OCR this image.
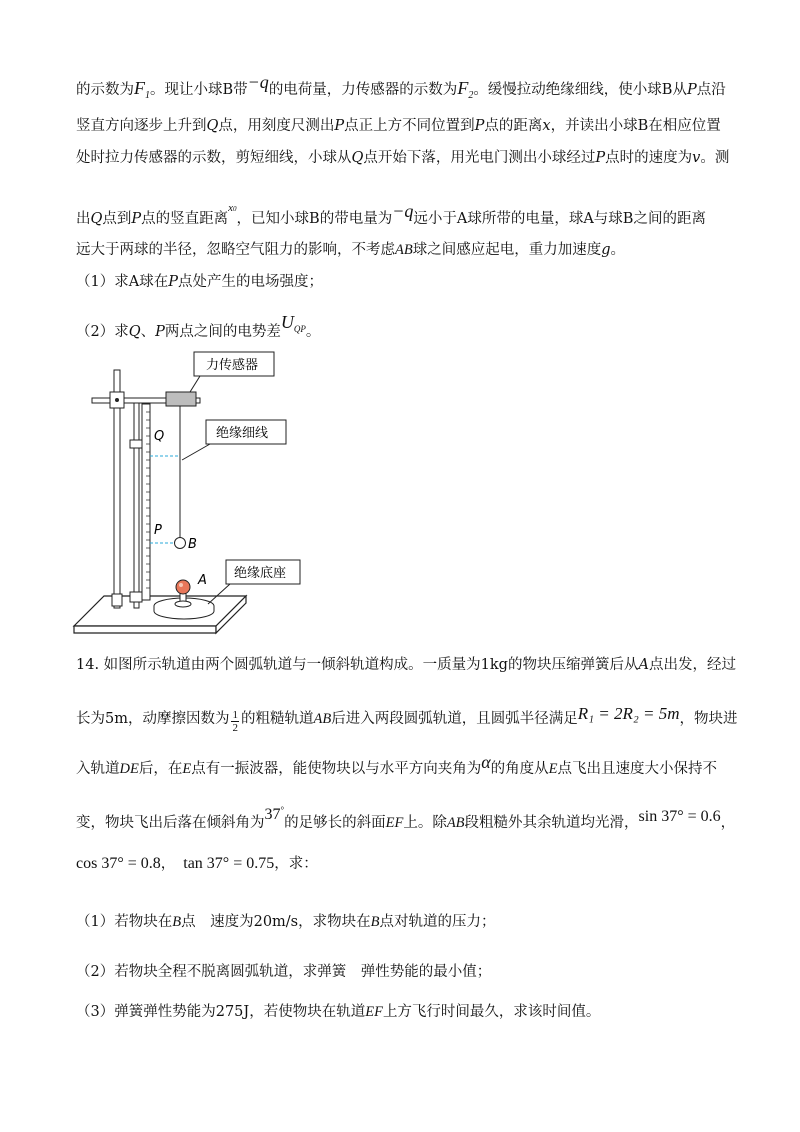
的示数为$F_1$。现让小球B带−q的电荷量，力传感器的示数为$F_2$。缓慢拉动绝缘细线，使小球B从P点沿
竖直方向逐步上升到Q点，用刻度尺测出P点正上方不同位置到P点的距离x，并读出小球B在相应位置
处时拉力传感器的示数，剪短细线，小球从Q点开始下落，用光电门测出小球经过P点时的速度为v。测
出Q点到P点的竖直距离$^{x0}$，已知小球B的带电量为−q远小于A球所带的电量，球A与球B之间的距离
远大于两球的半径，忽略空气阻力的影响，不考虑AB球之间感应起电，重力加速度g。
（1）求A球在P点处产生的电场强度；
（2）求Q、P两点之间的电势差$U_{QP}$。
Q
P
B
A
力传感器
绝缘细线
绝缘底座
14. 如图所示轨道由两个圆弧轨道与一倾斜轨道构成。一质量为1kg的物块压缩弹簧后从A点出发，经过
长为5m，动摩擦因数为 $\frac{1}{2}$ 的粗糙轨道AB后进入两段圆弧轨道，且圆弧半径满足R₁ = 2R₂ = 5m，物块进
入轨道DE后，在E点有一振波器，能使物块以与水平方向夹角为α的角度从E点飞出且速度大小保持不
变，物块飞出后落在倾斜角为37°的足够长的斜面EF上。除AB段粗糙外其余轨道均光滑，sin 37° = 0.6，
cos 37° = 0.8， tan 37° = 0.75，求：
（1）若物块在B点　速度为20m/s，求物块在B点对轨道的压力；
（2）若物块全程不脱离圆弧轨道，求弹簧　弹性势能的最小值；
（3）弹簧弹性势能为275J，若使物块在轨道EF上方飞行时间最久，求该时间值。
